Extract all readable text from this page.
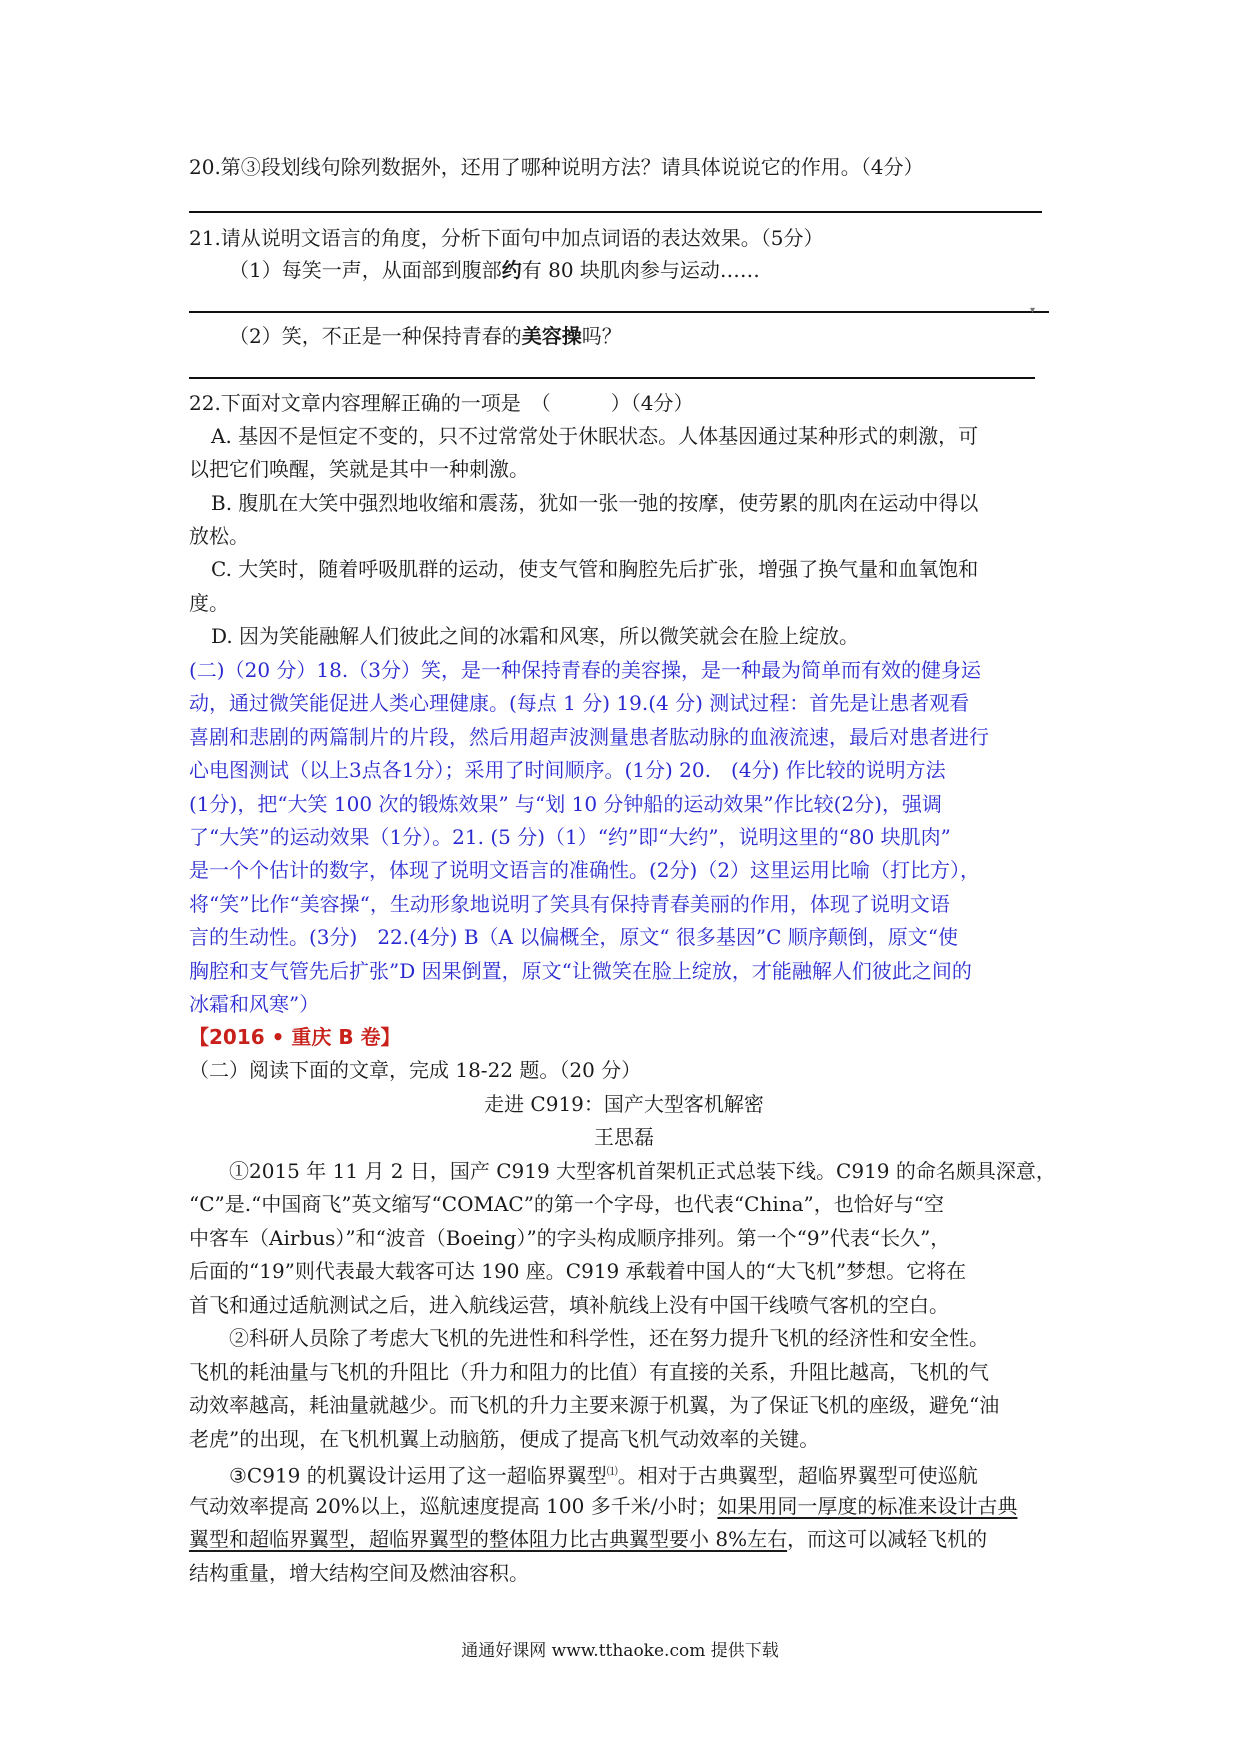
20.第③段划线句除列数据外，还用了哪种说明方法？请具体说说它的作用。（4分）
21.请从说明文语言的角度，分析下面句中加点词语的表达效果。（5分）
（1）每笑一声，从面部到腹部约有 80 块肌肉参与运动……
（2）笑，不正是一种保持青春的美容操吗？
22.下面对文章内容理解正确的一项是　（　　　）（4分）
A. 基因不是恒定不变的，只不过常常处于休眠状态。人体基因通过某种形式的刺激，可
以把它们唤醒，笑就是其中一种刺激。
B. 腹肌在大笑中强烈地收缩和震荡，犹如一张一弛的按摩，使劳累的肌肉在运动中得以
放松。
C. 大笑时，随着呼吸肌群的运动，使支气管和胸腔先后扩张，增强了换气量和血氧饱和
度。
D. 因为笑能融解人们彼此之间的冰霜和风寒，所以微笑就会在脸上绽放。
(二)（20 分）18.（3分）笑，是一种保持青春的美容操，是一种最为简单而有效的健身运
动，通过微笑能促进人类心理健康。(每点 1 分) 19.(4 分) 测试过程：首先是让患者观看
喜剧和悲剧的两篇制片的片段，然后用超声波测量患者肱动脉的血液流速，最后对患者进行
心电图测试（以上3点各1分）；采用了时间顺序。(1分) 20.　(4分) 作比较的说明方法
(1分)，把“大笑 100 次的锻炼效果” 与“划 10 分钟船的运动效果”作比较(2分)，强调
了“大笑”的运动效果（1分）。21. (5 分)（1）“约”即“大约”，说明这里的“80 块肌肉”
是一个个估计的数字，体现了说明文语言的准确性。(2分)（2）这里运用比喻（打比方），
将“笑”比作“美容操“，生动形象地说明了笑具有保持青春美丽的作用，体现了说明文语
言的生动性。(3分)　22.(4分) B（A 以偏概全，原文“ 很多基因”C 顺序颠倒，原文“使
胸腔和支气管先后扩张”D 因果倒置，原文“让微笑在脸上绽放，才能融解人们彼此之间的
冰霜和风寒”）
【2016 • 重庆 B 卷】
（二）阅读下面的文章，完成 18-22 题。（20 分）
走进 C919：国产大型客机解密
王思磊
①2015 年 11 月 2 日，国产 C919 大型客机首架机正式总装下线。C919 的命名颇具深意，
“C”是.“中国商飞”英文缩写“COMAC”的第一个字母，也代表“China”，也恰好与“空
中客车（Airbus）”和“波音（Boeing）”的字头构成顺序排列。第一个“9”代表“长久”，
后面的“19”则代表最大载客可达 190 座。C919 承载着中国人的“大飞机”梦想。它将在
首飞和通过适航测试之后，进入航线运营，填补航线上没有中国干线喷气客机的空白。
②科研人员除了考虑大飞机的先进性和科学性，还在努力提升飞机的经济性和安全性。
飞机的耗油量与飞机的升阻比（升力和阻力的比值）有直接的关系，升阻比越高，飞机的气
动效率越高，耗油量就越少。而飞机的升力主要来源于机翼，为了保证飞机的座级，避免“油
老虎”的出现，在飞机机翼上动脑筋，便成了提高飞机气动效率的关键。
③C919 的机翼设计运用了这一超临界翼型⑴。相对于古典翼型，超临界翼型可使巡航
气动效率提高 20%以上，巡航速度提高 100 多千米/小时；如果用同一厚度的标准来设计古典
翼型和超临界翼型，超临界翼型的整体阻力比古典翼型要小 8%左右，而这可以减轻飞机的
结构重量，增大结构空间及燃油容积。
▾
通通好课网 www.tthaoke.com 提供下载
